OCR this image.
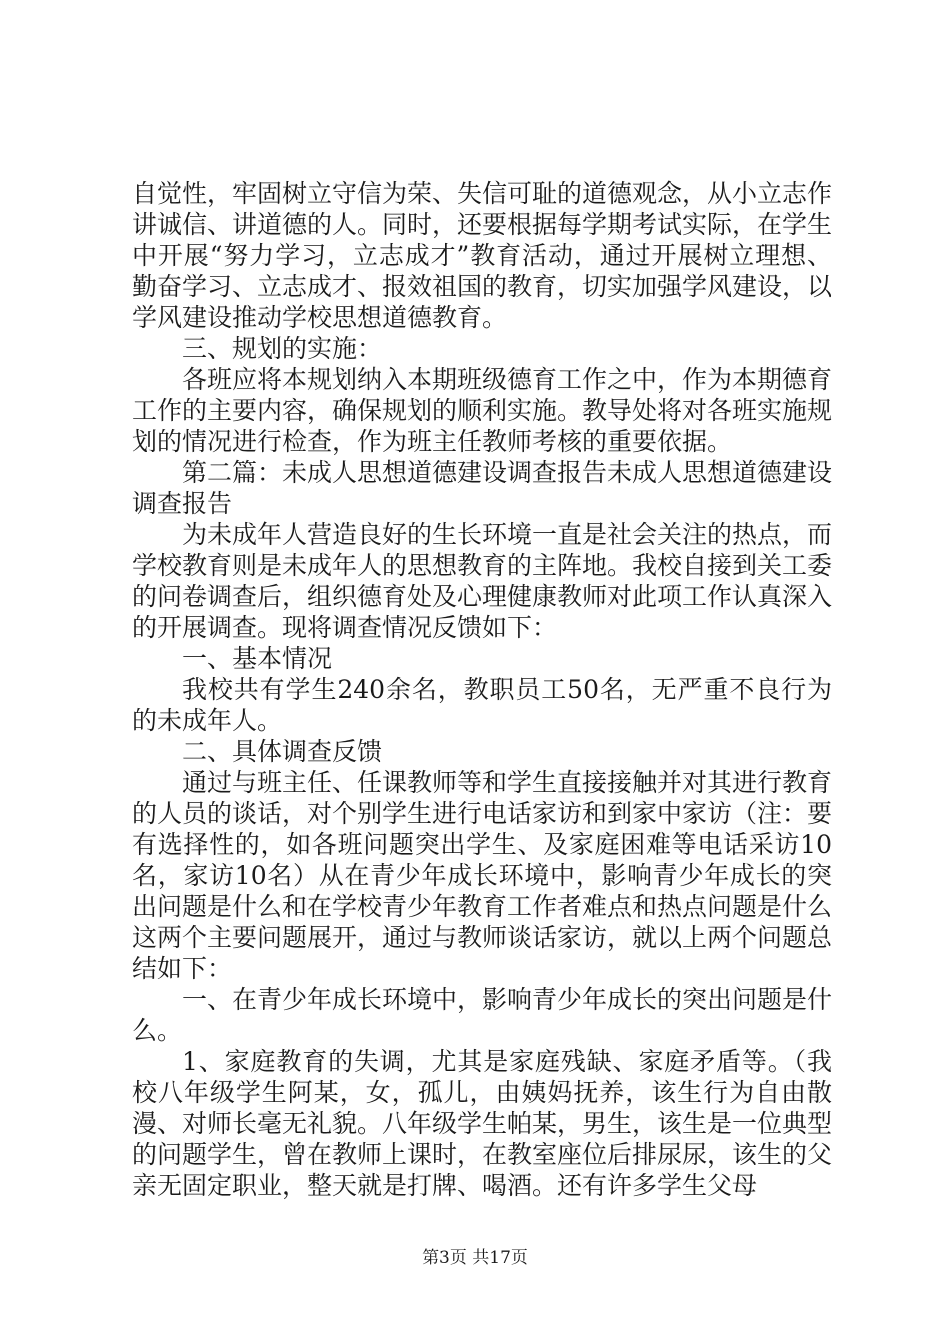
自觉性，牢固树立守信为荣、失信可耻的道德观念，从小立志作讲诚信、讲道德的人。同时，还要根据每学期考试实际，在学生中开展“努力学习，立志成才”教育活动，通过开展树立理想、勤奋学习、立志成才、报效祖国的教育，切实加强学风建设，以学风建设推动学校思想道德教育。

三、规划的实施：

各班应将本规划纳入本期班级德育工作之中，作为本期德育工作的主要内容，确保规划的顺利实施。教导处将对各班实施规划的情况进行检查，作为班主任教师考核的重要依据。

第二篇：未成人思想道德建设调查报告未成人思想道德建设调查报告

为未成年人营造良好的生长环境一直是社会关注的热点，而学校教育则是未成年人的思想教育的主阵地。我校自接到关工委的问卷调查后，组织德育处及心理健康教师对此项工作认真深入的开展调查。现将调查情况反馈如下：

一、基本情况

我校共有学生240余名，教职员工50名，无严重不良行为的未成年人。

二、具体调查反馈

通过与班主任、任课教师等和学生直接接触并对其进行教育的人员的谈话，对个别学生进行电话家访和到家中家访（注：要有选择性的，如各班问题突出学生、及家庭困难等电话采访10名，家访10名）从在青少年成长环境中，影响青少年成长的突出问题是什么和在学校青少年教育工作者难点和热点问题是什么这两个主要问题展开，通过与教师谈话家访，就以上两个问题总结如下：

一、在青少年成长环境中，影响青少年成长的突出问题是什么。

1、家庭教育的失调，尤其是家庭残缺、家庭矛盾等。（我校八年级学生阿某，女，孤儿，由姨妈抚养，该生行为自由散漫、对师长毫无礼貌。八年级学生帕某，男生，该生是一位典型的问题学生，曾在教师上课时，在教室座位后排尿尿，该生的父亲无固定职业，整天就是打牌、喝酒。还有许多学生父母

第3页 共17页
